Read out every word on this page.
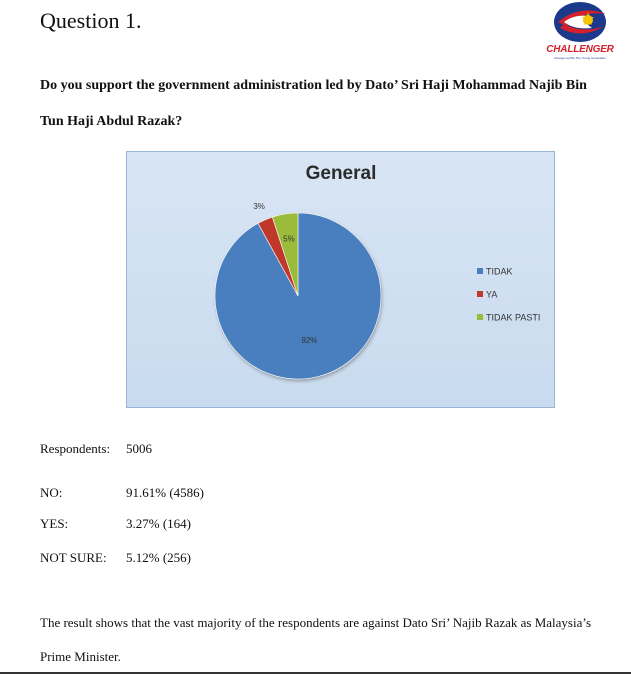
Question 1.
CHALLENGER
Change Led By The Young Generation
Do you support the government administration led by Dato’ Sri Haji Mohammad Najib Bin Tun Haji Abdul Razak?
General
92%
3%
5%
TIDAK
YA
TIDAK PASTI
Respondents: 5006
NO:	91.61% (4586)
YES:	3.27% (164)
NOT SURE: 5.12% (256)
The result shows that the vast majority of the respondents are against Dato Sri’ Najib Razak as Malaysia’s Prime Minister.
